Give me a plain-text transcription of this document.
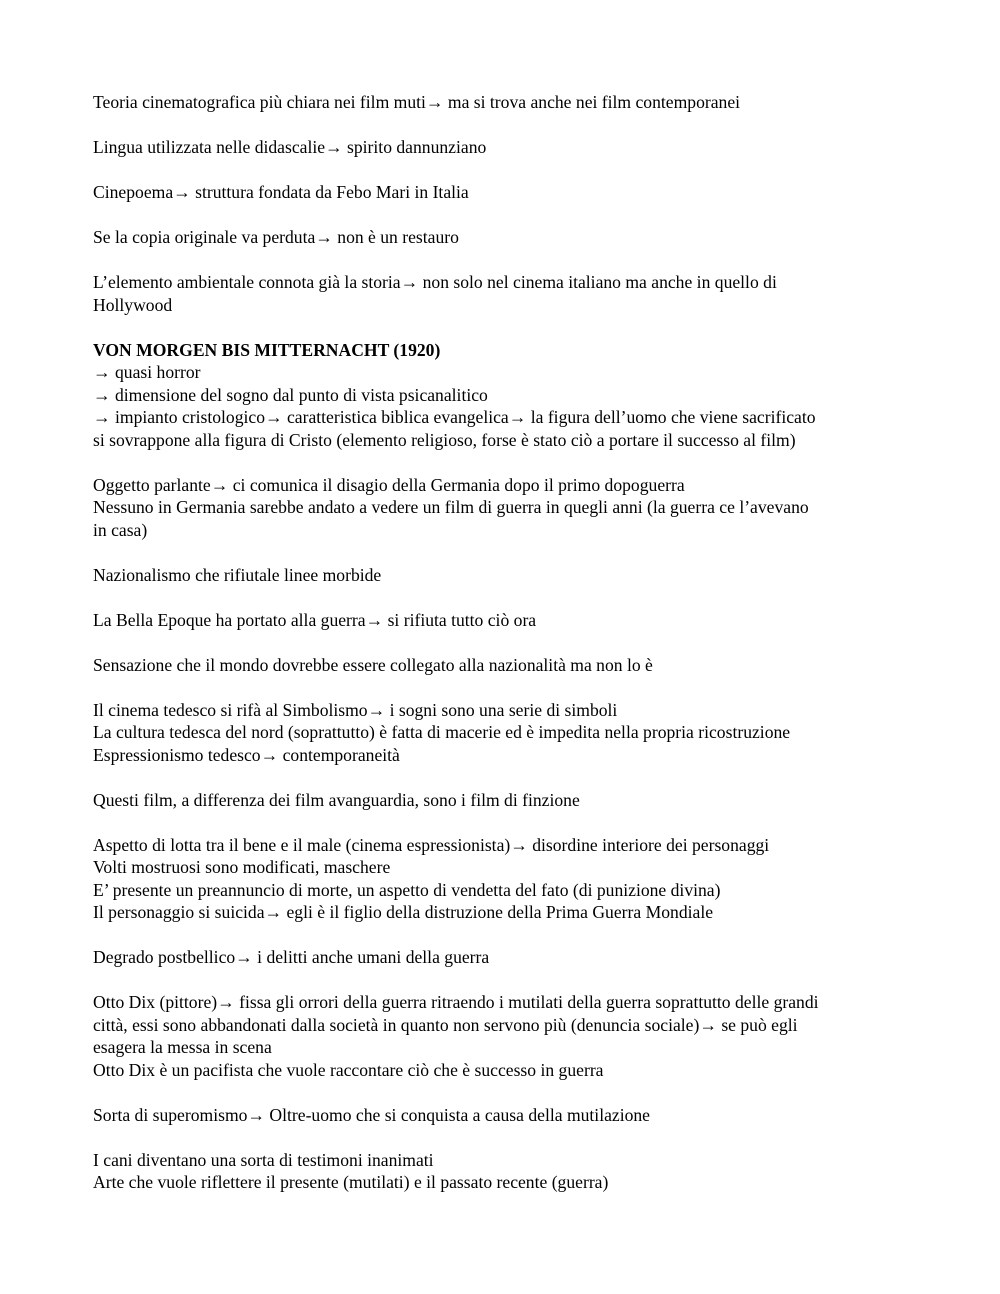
Teoria cinematografica più chiara nei film muti→ ma si trova anche nei film contemporanei
Lingua utilizzata nelle didascalie→ spirito dannunziano
Cinepoema→ struttura fondata da Febo Mari in Italia
Se la copia originale va perduta→ non è un restauro
L’elemento ambientale connota già la storia→ non solo nel cinema italiano ma anche in quello di
Hollywood
VON MORGEN BIS MITTERNACHT (1920)
→ quasi horror
→ dimensione del sogno dal punto di vista psicanalitico
→ impianto cristologico→ caratteristica biblica evangelica→ la figura dell’uomo che viene sacrificato
si sovrappone alla figura di Cristo (elemento religioso, forse è stato ciò a portare il successo al film)
Oggetto parlante→ ci comunica il disagio della Germania dopo il primo dopoguerra
Nessuno in Germania sarebbe andato a vedere un film di guerra in quegli anni (la guerra ce l’avevano
in casa)
Nazionalismo che rifiutale linee morbide
La Bella Epoque ha portato alla guerra→ si rifiuta tutto ciò ora
Sensazione che il mondo dovrebbe essere collegato alla nazionalità ma non lo è
Il cinema tedesco si rifà al Simbolismo→ i sogni sono una serie di simboli
La cultura tedesca del nord (soprattutto) è fatta di macerie ed è impedita nella propria ricostruzione
Espressionismo tedesco→ contemporaneità
Questi film, a differenza dei film avanguardia, sono i film di finzione
Aspetto di lotta tra il bene e il male (cinema espressionista)→ disordine interiore dei personaggi
Volti mostruosi sono modificati, maschere
E’ presente un preannuncio di morte, un aspetto di vendetta del fato (di punizione divina)
Il personaggio si suicida→ egli è il figlio della distruzione della Prima Guerra Mondiale
Degrado postbellico→ i delitti anche umani della guerra
Otto Dix (pittore)→ fissa gli orrori della guerra ritraendo i mutilati della guerra soprattutto delle grandi
città, essi sono abbandonati dalla società in quanto non servono più (denuncia sociale)→ se può egli
esagera la messa in scena
Otto Dix è un pacifista che vuole raccontare ciò che è successo in guerra
Sorta di superomismo→ Oltre-uomo che si conquista a causa della mutilazione
I cani diventano una sorta di testimoni inanimati
Arte che vuole riflettere il presente (mutilati) e il passato recente (guerra)
